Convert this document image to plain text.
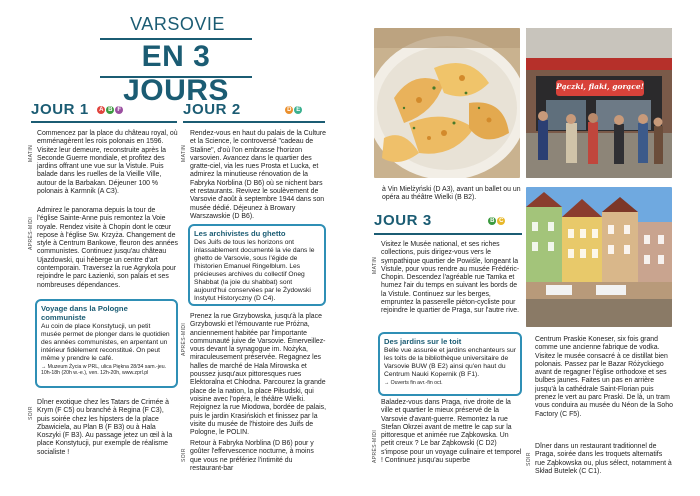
VARSOVIE
EN 3 JOURS
JOUR 1	A B F
MATIN
Commencez par la place du château royal, où emménagèrent les rois polonais en 1596. Visitez leur demeure, reconstruite après la Seconde Guerre mondiale, et profitez des jardins offrant une vue sur la Vistule. Puis balade dans les ruelles de la Vieille Ville, autour de la Barbakan. Déjeuner 100 % polonais à Karmnik (A C3).
APRÈS-MIDI
Admirez le panorama depuis la tour de l'église Sainte-Anne puis remontez la Voie royale. Rendez visite à Chopin dont le cœur repose à l'église Sw. Krzyża. Changement de style à Centrum Bankowe, fleuron des années communistes. Continuez jusqu'au château Ujazdowski, qui héberge un centre d'art contemporain. Traversez la rue Agrykola pour rejoindre le parc Łazienki, son palais et ses nombreuses dépendances.
Voyage dans la Pologne communiste
Au coin de place Konstytucji, un petit musée permet de plonger dans le quotidien des années communistes, en arpentant un intérieur fidèlement reconstitué. On peut même y prendre le café.
→ Muzeum Życia w PRL, ulica Piękna 28/34 sam.-jeu. 10h-18h (20h w.-e.), ven. 12h-20h, www.zprl.pl
SOIR
Dîner exotique chez les Tatars de Crimée à Krym (F C5) ou branché à Regina (F C3), puis soirée chez les hipsters de la place Zbawiciela, au Plan B (F B3) ou à Hala Koszyki (F B3). Au passage jetez un œil à la place Konstytucji, pur exemple de réalisme socialiste !
JOUR 2	D E
MATIN
Rendez-vous en haut du palais de la Culture et la Science, le controversé "cadeau de Staline", d'où l'on embrasse l'horizon varsovien. Avancez dans le quartier des gratte-ciel, via les rues Prosta et Lucka, et admirez la minutieuse rénovation de la Fabryka Norblina (D B6) où se nichent bars et restaurants. Revivez le soulèvement de Varsovie d'août à septembre 1944 dans son musée dédié. Déjeunez à Browary Warszawskie (D B6).
Les archivistes du ghetto
Des Juifs de tous les horizons ont inlassablement documenté la vie dans le ghetto de Varsovie, sous l'égide de l'historien Emanuel Ringelblum. Les précieuses archives du collectif Oneg Shabbat (la joie du shabbat) sont aujourd'hui conservées par le Żydowski Instytut Historyczny (D C4).
APRÈS-MIDI
Prenez la rue Grzybowska, jusqu'à la place Grzybowski et l'émouvante rue Próżna, anciennement habitée par l'importante communauté juive de Varsovie. Émerveillez-vous devant la synagogue im. Nożyka, miraculeusement préservée. Regagnez les halles de marché de Hala Mirowska et poussez jusqu'aux pittoresques rues Elektoralna et Chłodna. Parcourez la grande place de la nation, la place Piłsudski, qui voisine avec l'opéra, le théâtre Wielki. Rejoignez la rue Miodowa, bordée de palais, puis le jardin Krasińskich et finissez par la visite du musée de l'histoire des Juifs de Pologne, le POLIN.
SOIR
Retour à Fabryka Norblina (D B6) pour y goûter l'effervescence nocturne, à moins que vous ne préfériez l'intimité du restaurant-bar
Pączki, flaki, gorące!
à Vin Mielżyński (D A3), avant un ballet ou un opéra au théâtre Wielki (B B2).
JOUR 3	B C
MATIN
Visitez le Musée national, et ses riches collections, puis dirigez-vous vers le sympathique quartier de Powiśle, longeant la Vistule, pour vous rendre au musée Frédéric-Chopin. Descendez l'agréable rue Tamka et humez l'air du temps en suivant les bords de la Vistule. Continuez sur les berges, empruntez la passerelle piéton-cycliste pour rejoindre le quartier de Praga, sur l'autre rive.
Des jardins sur le toit
Belle vue assurée et jardins enchanteurs sur les toits de la bibliothèque universitaire de Varsovie BUW (B E2) ainsi qu'en haut du Centrum Nauki Kopernik (B F1).
→ Ouverts fin avr.-fin oct.
APRÈS-MIDI
Baladez-vous dans Praga, rive droite de la ville et quartier le mieux préservé de la Varsovie d'avant-guerre. Remontez la rue Stefan Okrzei avant de mettre le cap sur la pittoresque et animée rue Ząbkowska. Un petit creux ? Le bar Ząbkowski (C D2) s'impose pour un voyage culinaire et temporel ! Continuez jusqu'au superbe
Centrum Praskie Koneser, six fois grand comme une ancienne fabrique de vodka. Visitez le musée consacré à ce distillat bien polonais. Passez par le Bazar Różyckiego avant de regagner l'église orthodoxe et ses bulbes jaunes. Faites un pas en arrière jusqu'à la cathédrale Saint-Florian puis prenez le vert au parc Praski. De là, un tram vous conduira au musée du Néon de la Soho Factory (C F5).
SOIR
Dîner dans un restaurant traditionnel de Praga, soirée dans les troquets alternatifs rue Ząbkowska ou, plus sélect, notamment à Skład Butelek (C C1).
